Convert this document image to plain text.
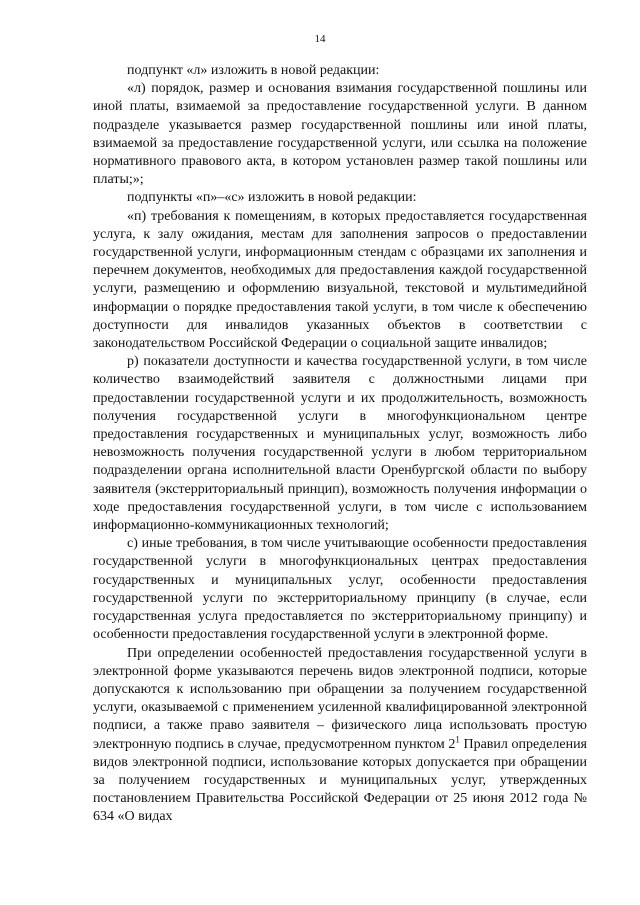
14

подпункт «л» изложить в новой редакции:

«л) порядок, размер и основания взимания государственной пошлины или иной платы, взимаемой за предоставление государственной услуги. В данном подразделе указывается размер государственной пошлины или иной платы, взимаемой за предоставление государственной услуги, или ссылка на положение нормативного правового акта, в котором установлен размер такой пошлины или платы;»;

подпункты «п»–«с» изложить в новой редакции:

«п) требования к помещениям, в которых предоставляется государственная услуга, к залу ожидания, местам для заполнения запросов о предоставлении государственной услуги, информационным стендам с образцами их заполнения и перечнем документов, необходимых для предоставления каждой государственной услуги, размещению и оформлению визуальной, текстовой и мультимедийной информации о порядке предоставления такой услуги, в том числе к обеспечению доступности для инвалидов указанных объектов в соответствии с законодательством Российской Федерации о социальной защите инвалидов;

р) показатели доступности и качества государственной услуги, в том числе количество взаимодействий заявителя с должностными лицами при предоставлении государственной услуги и их продолжительность, возможность получения государственной услуги в многофункциональном центре предоставления государственных и муниципальных услуг, возможность либо невозможность получения государственной услуги в любом территориальном подразделении органа исполнительной власти Оренбургской области по выбору заявителя (экстерриториальный принцип), возможность получения информации о ходе предоставления государственной услуги, в том числе с использованием информационно-коммуникационных технологий;

с) иные требования, в том числе учитывающие особенности предоставления государственной услуги в многофункциональных центрах предоставления государственных и муниципальных услуг, особенности предоставления государственной услуги по экстерриториальному принципу (в случае, если государственная услуга предоставляется по экстерриториальному принципу) и особенности предоставления государственной услуги в электронной форме.

При определении особенностей предоставления государственной услуги в электронной форме указываются перечень видов электронной подписи, которые допускаются к использованию при обращении за получением государственной услуги, оказываемой с применением усиленной квалифицированной электронной подписи, а также право заявителя – физического лица использовать простую электронную подпись в случае, предусмотренном пунктом $2^1$ Правил определения видов электронной подписи, использование которых допускается при обращении за получением государственных и муниципальных услуг, утвержденных постановлением Правительства Российской Федерации от 25 июня 2012 года № 634 «О видах
